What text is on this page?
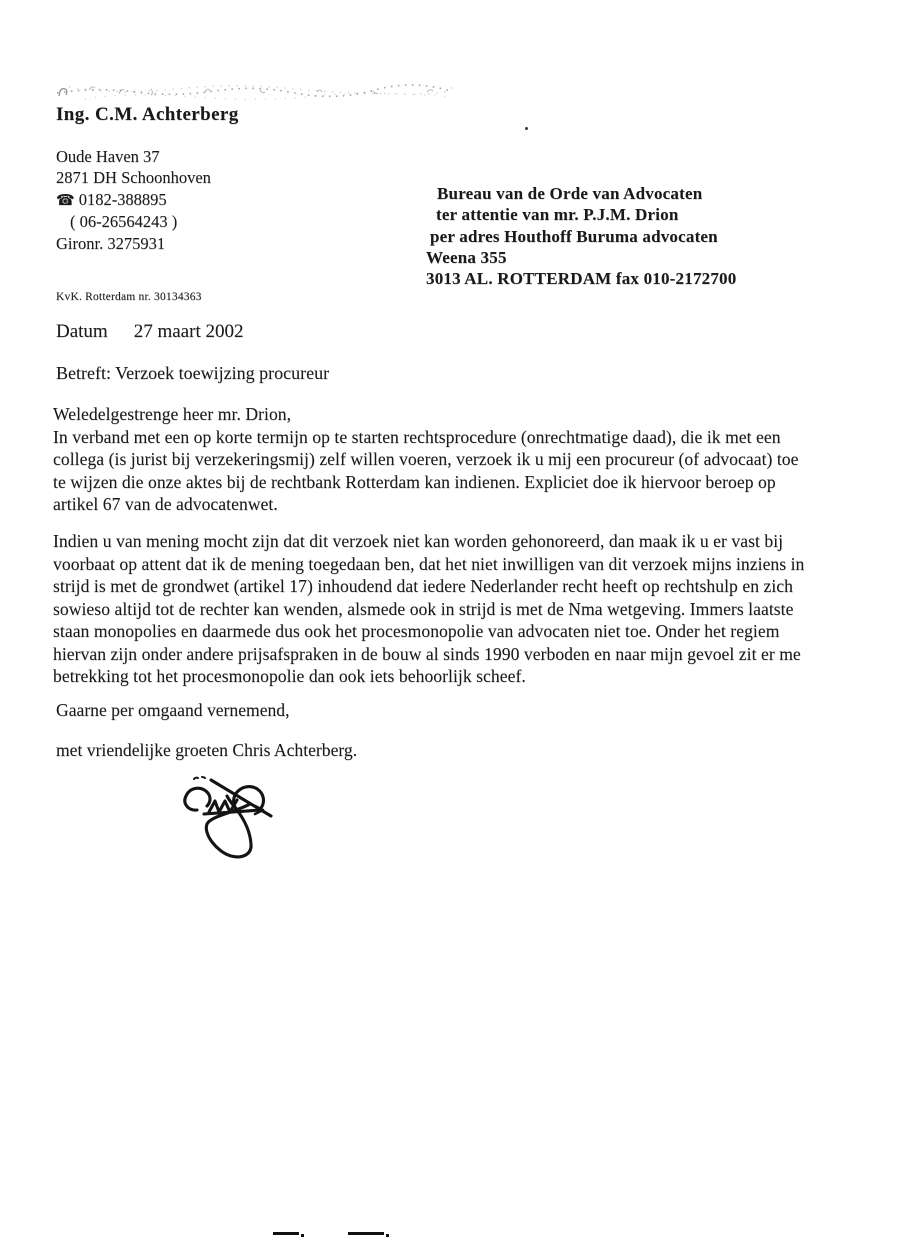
Ing. C.M. Achterberg
Oude Haven 37
2871 DH Schoonhoven
☎ 0182-388895
( 06-26564243 )
Gironr. 3275931
Bureau van de Orde van Advocaten
ter attentie van mr. P.J.M. Drion
per adres Houthoff Buruma advocaten
Weena 355
3013 AL. ROTTERDAM fax 010-2172700
KvK. Rotterdam nr. 30134363
Datum 27 maart 2002
Betreft: Verzoek toewijzing procureur
Weledelgestrenge heer mr. Drion,
In verband met een op korte termijn op te starten rechtsprocedure (onrechtmatige daad), die ik met een
collega (is jurist bij verzekeringsmij) zelf willen voeren, verzoek ik u mij een procureur (of advocaat) toe
te wijzen die onze aktes bij de rechtbank Rotterdam kan indienen. Expliciet doe ik hiervoor beroep op
artikel 67 van de advocatenwet.
Indien u van mening mocht zijn dat dit verzoek niet kan worden gehonoreerd, dan maak ik u er vast bij
voorbaat op attent dat ik de mening toegedaan ben, dat het niet inwilligen van dit verzoek mijns inziens in
strijd is met de grondwet (artikel 17) inhoudend dat iedere Nederlander recht heeft op rechtshulp en zich
sowieso altijd tot de rechter kan wenden, alsmede ook in strijd is met de Nma wetgeving. Immers laatste
staan monopolies en daarmede dus ook het procesmonopolie van advocaten niet toe. Onder het regiem
hiervan zijn onder andere prijsafspraken in de bouw al sinds 1990 verboden en naar mijn gevoel zit er me
betrekking tot het procesmonopolie dan ook iets behoorlijk scheef.
Gaarne per omgaand vernemend,
met vriendelijke groeten Chris Achterberg.
